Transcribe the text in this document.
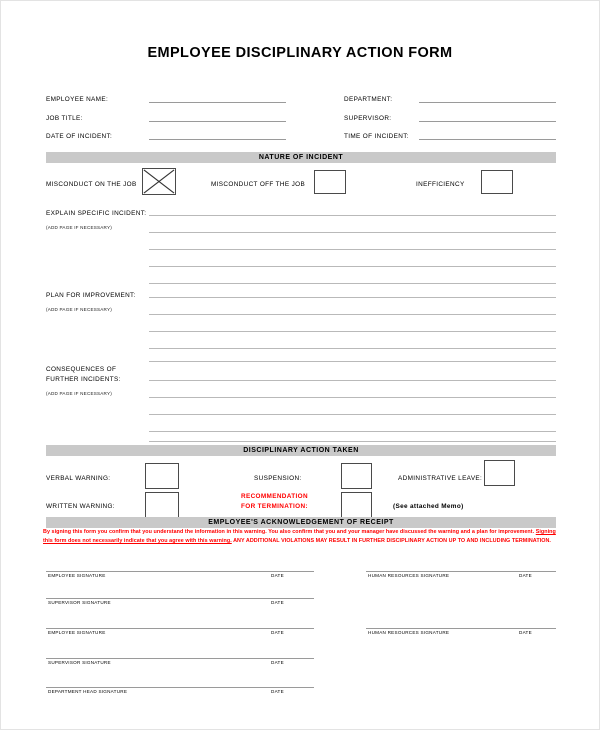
EMPLOYEE DISCIPLINARY ACTION FORM
EMPLOYEE NAME:
JOB TITLE:
DATE OF INCIDENT:
DEPARTMENT:
SUPERVISOR:
TIME OF INCIDENT:
NATURE OF INCIDENT
MISCONDUCT ON THE JOB	MISCONDUCT OFF THE JOB	INEFFICIENCY
EXPLAIN SPECIFIC INCIDENT:
(ADD PAGE IF NECESSARY)
PLAN FOR IMPROVEMENT:
(ADD PAGE IF NECESSARY)
CONSEQUENCES OF
FURTHER INCIDENTS:
(ADD PAGE IF NECESSARY)
DISCIPLINARY ACTION TAKEN
VERBAL WARNING:	SUSPENSION:	ADMINISTRATIVE LEAVE:
WRITTEN WARNING:
RECOMMENDATION
FOR TERMINATION:	(See attached Memo)
EMPLOYEE'S ACKNOWLEDGEMENT OF RECEIPT
By signing this form you confirm that you understand the information in this warning. You also confirm that you and your manager have discussed the warning and a plan for improvement. Signing this form does not necessarily indicate that you agree with this warning. ANY ADDITIONAL VIOLATIONS MAY RESULT IN FURTHER DISCIPLINARY ACTION UP TO AND INCLUDING TERMINATION.
EMPLOYEE SIGNATURE	DATE	HUMAN RESOURCES SIGNATURE	DATE
SUPERVISOR SIGNATURE	DATE
EMPLOYEE SIGNATURE	DATE	HUMAN RESOURCES SIGNATURE	DATE
SUPERVISOR SIGNATURE	DATE
DEPARTMENT HEAD SIGNATURE	DATE
